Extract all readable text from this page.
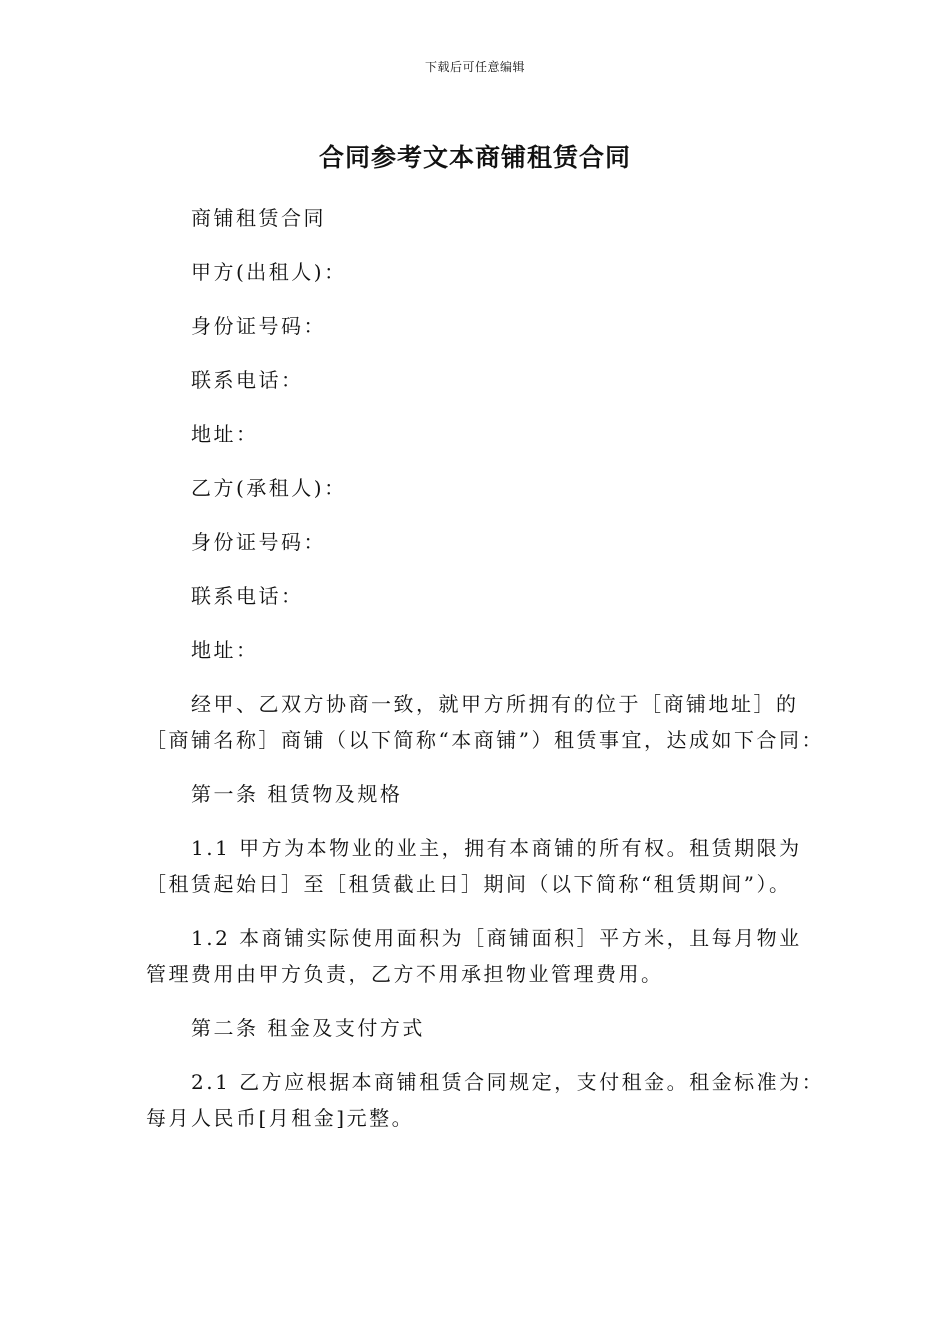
下载后可任意编辑
合同参考文本商铺租赁合同
商铺租赁合同
甲方(出租人)：
身份证号码：
联系电话：
地址：
乙方(承租人)：
身份证号码：
联系电话：
地址：
经甲、乙双方协商一致，就甲方所拥有的位于［商铺地址］的
［商铺名称］商铺（以下简称“本商铺”）租赁事宜，达成如下合同：
第一条 租赁物及规格
1.1 甲方为本物业的业主，拥有本商铺的所有权。租赁期限为
［租赁起始日］至［租赁截止日］期间（以下简称“租赁期间”）。
1.2 本商铺实际使用面积为［商铺面积］平方米，且每月物业
管理费用由甲方负责，乙方不用承担物业管理费用。
第二条 租金及支付方式
2.1 乙方应根据本商铺租赁合同规定，支付租金。租金标准为：
每月人民币[月租金]元整。
